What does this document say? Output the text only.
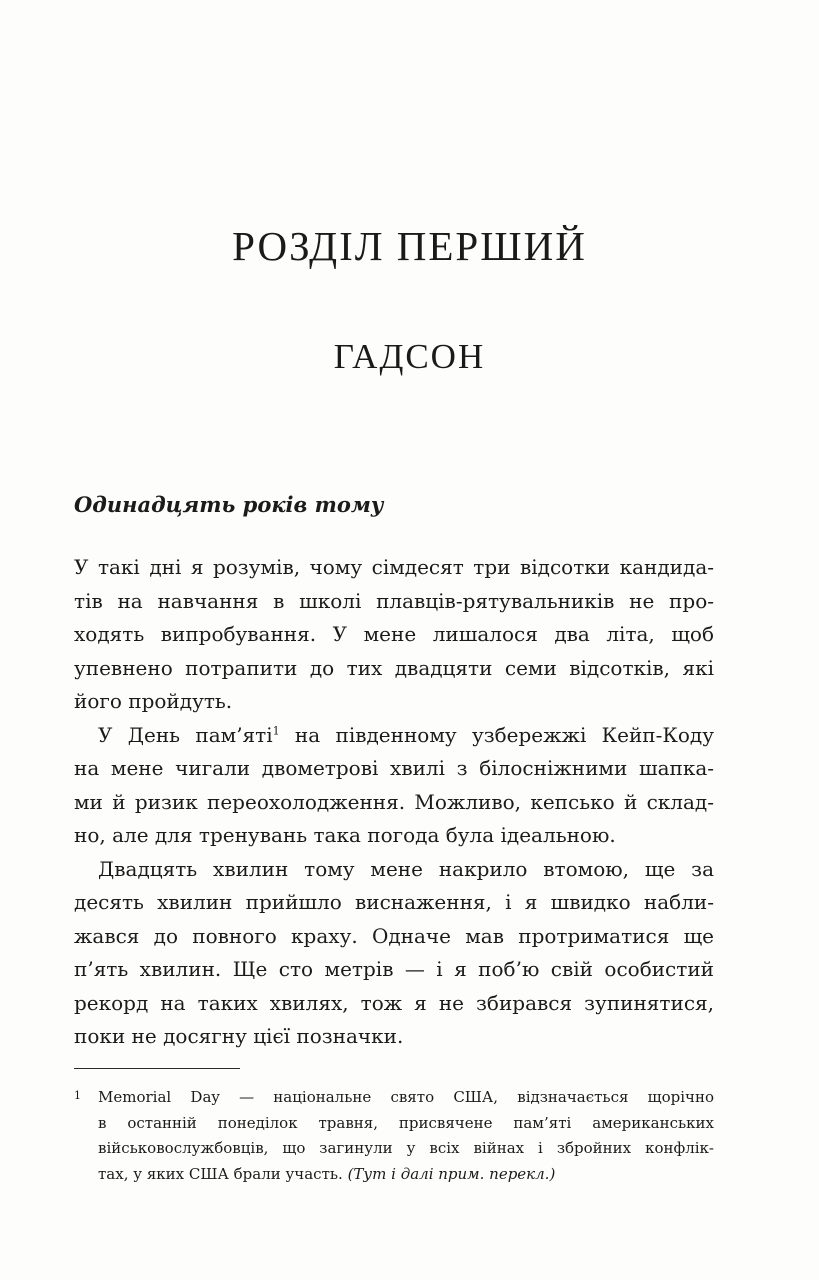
РОЗДІЛ ПЕРШИЙ
ГАДСОН
Одинадцять років тому

У такі дні я розумів, чому сімдесят три відсотки кандида-
тів на навчання в школі плавців-рятувальників не про-
ходять випробування. У мене лишалося два літа, щоб
упевнено потрапити до тих двадцяти семи відсотків, які
його пройдуть.

У День пам’яті$^1$ на південному узбережжі Кейп-Коду
на мене чигали двометрові хвилі з білосніжними шапка-
ми й ризик переохолодження. Можливо, кепсько й склад-
но, але для тренувань така погода була ідеальною.

Двадцять хвилин тому мене накрило втомою, ще за
десять хвилин прийшло виснаження, і я швидко набли-
жався до повного краху. Одначе мав протриматися ще
п’ять хвилин. Ще сто метрів — і я поб’ю свій особистий
рекорд на таких хвилях, тож я не збирався зупинятися,
поки не досягну цієї позначки.

1 Memorial Day — національне свято США, відзначається щорічно
в останній понеділок травня, присвячене пам’яті американських
військовослужбовців, що загинули у всіх війнах і збройних конфлік-
тах, у яких США брали участь. (Тут і далі прим. перекл.)
